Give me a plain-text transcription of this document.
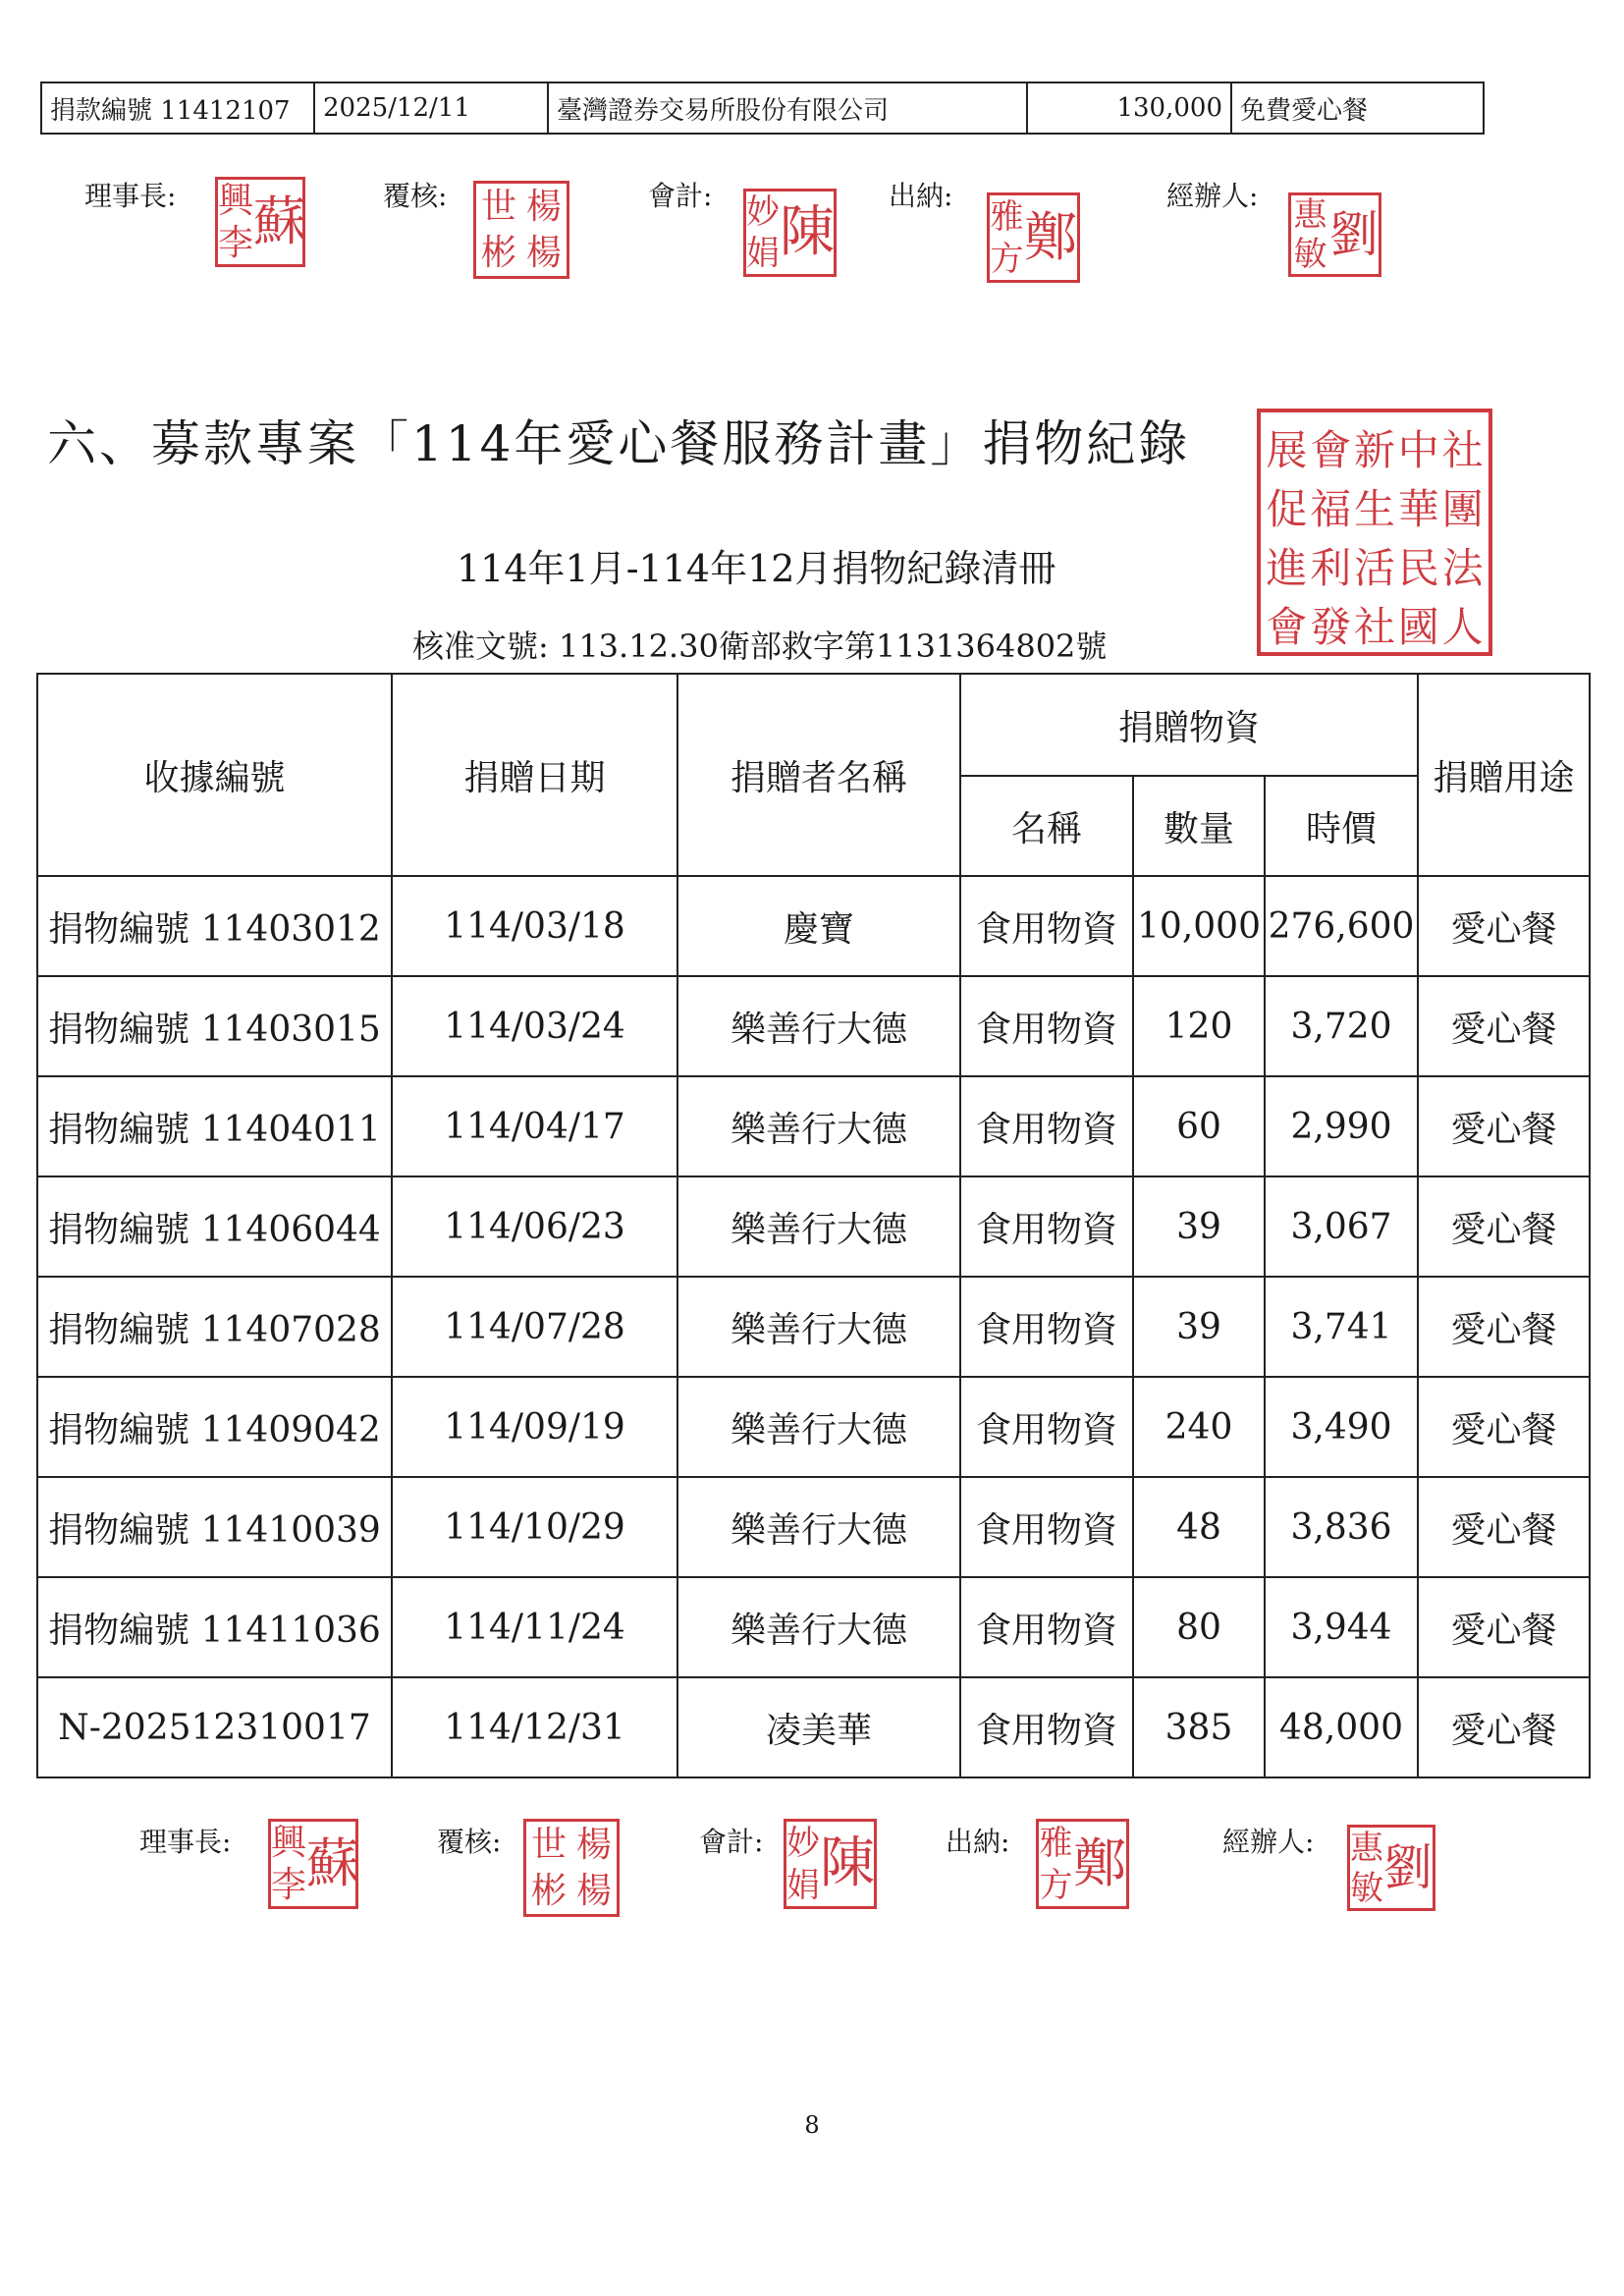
捐款編號 11412107	2025/12/11	臺灣證券交易所股份有限公司	130,000	免費愛心餐
理事長: 蘇
興
李
覆核: 世 楊
彬 楊
會計:
陳
妙
娟
出納:
鄭
雅
方
經辦人:
劉
惠
敏
六、募款專案「114年愛心餐服務計畫」捐物紀錄	社
團
法
人
中
華
民
國
新
生
活
社
會
福
利
發
展
促
進
會
114年1月-114年12月捐物紀錄清冊
核准文號: 113.12.30衛部救字第1131364802號
收據編號	捐贈日期	捐贈者名稱	捐贈物資			捐贈用途
			名稱	數量	時價	
捐物編號 11403012	114/03/18	慶寶	食用物資	10,000	276,600	愛心餐
捐物編號 11403015	114/03/24	樂善行大德	食用物資	120	3,720	愛心餐
捐物編號 11404011	114/04/17	樂善行大德	食用物資	60	2,990	愛心餐
捐物編號 11406044	114/06/23	樂善行大德	食用物資	39	3,067	愛心餐
捐物編號 11407028	114/07/28	樂善行大德	食用物資	39	3,741	愛心餐
捐物編號 11409042	114/09/19	樂善行大德	食用物資	240	3,490	愛心餐
捐物編號 11410039	114/10/29	樂善行大德	食用物資	48	3,836	愛心餐
捐物編號 11411036	114/11/24	樂善行大德	食用物資	80	3,944	愛心餐
N-202512310017	114/12/31	凌美華	食用物資	385	48,000	愛心餐
理事長: 蘇
興
李
覆核: 世 楊
彬 楊
會計: 陳
妙
娟
出納: 鄭
雅
方
經辦人: 劉
惠
敏
8
